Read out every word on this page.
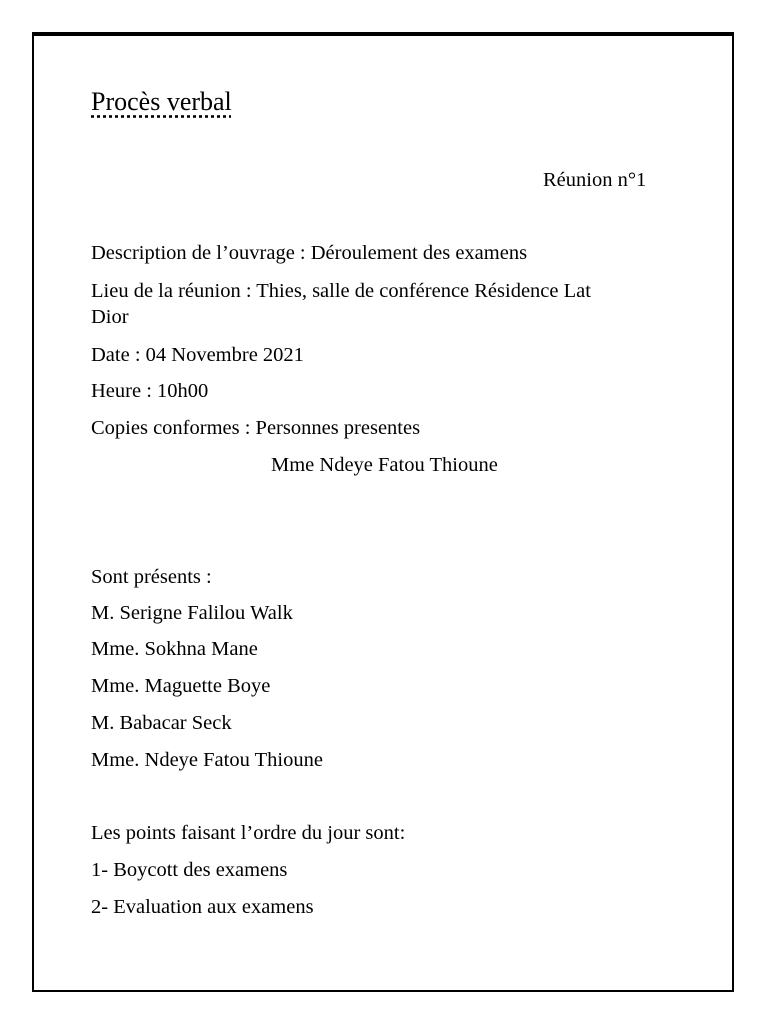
Procès verbal

Réunion n°1

Description de l’ouvrage : Déroulement des examens

Lieu de la réunion : Thies, salle de conférence Résidence Lat

Dior

Date : 04 Novembre 2021

Heure : 10h00

Copies conformes : Personnes presentes

Mme Ndeye Fatou Thioune

Sont présents :

M. Serigne Falilou Walk

Mme. Sokhna Mane

Mme. Maguette Boye

M. Babacar Seck

Mme. Ndeye Fatou Thioune

Les points faisant l’ordre du jour sont:

1- Boycott des examens

2- Evaluation aux examens
